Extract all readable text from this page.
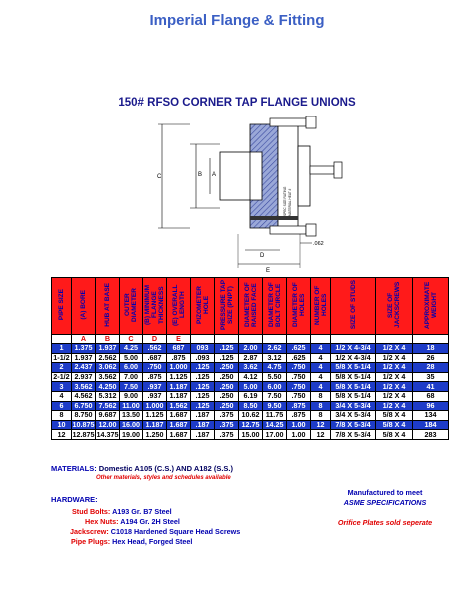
Imperial Flange & Fitting
150# RFSO CORNER TAP FLANGE UNIONS
C	B A
SPEC SIZE RATING MATERIAL HEAT #
.062
D
E
PIPE SIZE	(A) BORE	HUB AT BASE	OUTER DIAMETER	(B) MINIMUM FLANGE THICKNESS	(E) OVERALL LENGTH	PIZOMETER HOLE	PRESSURE TAP SIZE (PNPT)	DIAMETER OF RAISED FACE	DIAMETER OF BOLT CIRCLE	DIAMETER OF HOLES	NUMBER OF HOLES	SIZE OF STUDS	SIZE OF JACKSCREWS	APPROXIMATE WEIGHT
	A	B	C	D	E									
1	1.375	1.937	4.25	.562	687	093	.125	2.00	2.62	.625	4	1/2 X 4-3/4	1/2 X 4	18
1-1/2	1.937	2.562	5.00	.687	.875	.093	.125	2.87	3.12	.625	4	1/2 X 4-3/4	1/2 X 4	26
2	2.437	3.062	6.00	.750	1.000	.125	.250	3.62	4.75	.750	4	5/8 X 5-1/4	1/2 X 4	28
2-1/2	2.937	3.562	7.00	.875	1.125	.125	.250	4.12	5.50	.750	4	5/8 X 5-1/4	1/2 X 4	35
3	3.562	4.250	7.50	.937	1.187	.125	.250	5.00	6.00	.750	4	5/8 X 5-1/4	1/2 X 4	41
4	4.562	5.312	9.00	.937	1.187	.125	.250	6.19	7.50	.750	8	5/8 X 5-1/4	1/2 X 4	68
6	6.750	7.562	11.00	1.000	1.562	.125	.250	8.50	9.50	.875	8	3/4 X 5-3/4	1/2 X 4	96
8	8.750	9.687	13.50	1.125	1.687	.187	.375	10.62	11.75	.875	8	3/4 X 5-3/4	5/8 X 4	134
10	10.875	12.00	16.00	1.187	1.687	.187	.375	12.75	14.25	1.00	12	7/8 X 5-3/4	5/8 X 4	184
12	12.875	14.375	19.00	1.250	1.687	.187	.375	15.00	17.00	1.00	12	7/8 X 5-3/4	5/8 X 4	283
MATERIALS: Domestic A105 (C.S.) AND A182 (S.S.)
Other materials, styles and schedules available
HARDWARE:
Stud Bolts: A193 Gr. B7 Steel
Hex Nuts: A194 Gr. 2H Steel
Jackscrew: C1018 Hardened Square Head Screws
Pipe Plugs: Hex Head, Forged Steel
Manufactured to meet
ASME SPECIFICATIONS
Orifice Plates sold seperate
